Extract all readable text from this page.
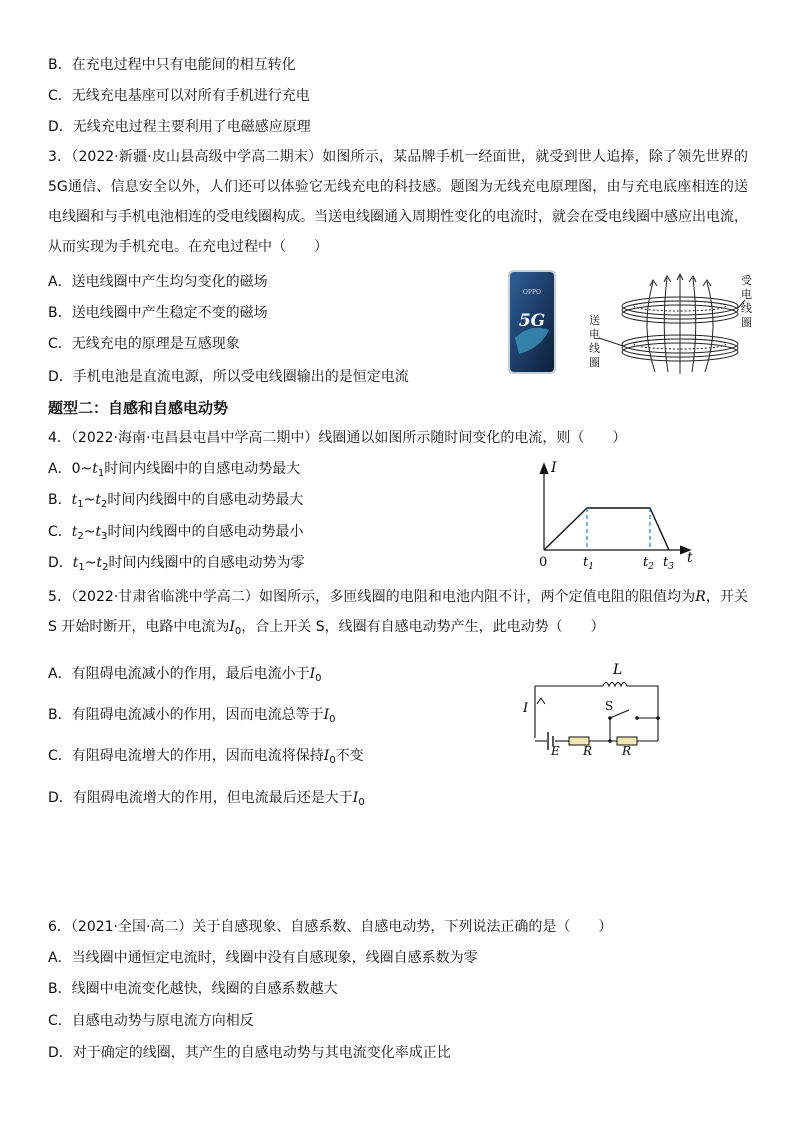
B．在充电过程中只有电能间的相互转化
C．无线充电基座可以对所有手机进行充电
D．无线充电过程主要利用了电磁感应原理
3．（2022·新疆·皮山县高级中学高二期末）如图所示，某品牌手机一经面世，就受到世人追捧，除了领先世界的5G通信、信息安全以外，人们还可以体验它无线充电的科技感。题图为无线充电原理图，由与充电底座相连的送电线圈和与手机电池相连的受电线圈构成。当送电线圈通入周期性变化的电流时，就会在受电线圈中感应出电流，从而实现为手机充电。在充电过程中（　　）
A．送电线圈中产生均匀变化的磁场
B．送电线圈中产生稳定不变的磁场
C．无线充电的原理是互感现象
D．手机电池是直流电源，所以受电线圈输出的是恒定电流
OPPO
5G
受电线圈
送电线圈
题型二：自感和自感电动势
4．（2022·海南·屯昌县屯昌中学高二期中）线圈通以如图所示随时间变化的电流，则（　　）
A．$0\sim t_1$时间内线圈中的自感电动势最大
B．$t_1\sim t_2$时间内线圈中的自感电动势最大
C．$t_2\sim t_3$时间内线圈中的自感电动势最小
D．$t_1\sim t_2$时间内线圈中的自感电动势为零
I
t
0	$t_1$	$t_2$ $t_3$
5．（2022·甘肃省临洮中学高二）如图所示，多匝线圈的电阻和电池内阻不计，两个定值电阻的阻值均为R，开关 S 开始时断开，电路中电流为$I_0$，合上开关 S，线圈有自感电动势产生，此电动势（　　）
A．有阻碍电流减小的作用，最后电流小于$I_0$
B．有阻碍电流减小的作用，因而电流总等于$I_0$
C．有阻碍电流增大的作用，因而电流将保持$I_0$不变
D．有阻碍电流增大的作用，但电流最后还是大于$I_0$
L
I	S
E R R
6．（2021·全国·高二）关于自感现象、自感系数、自感电动势，下列说法正确的是（　　）
A．当线圈中通恒定电流时，线圈中没有自感现象，线圈自感系数为零
B．线圈中电流变化越快，线圈的自感系数越大
C．自感电动势与原电流方向相反
D．对于确定的线圈，其产生的自感电动势与其电流变化率成正比
